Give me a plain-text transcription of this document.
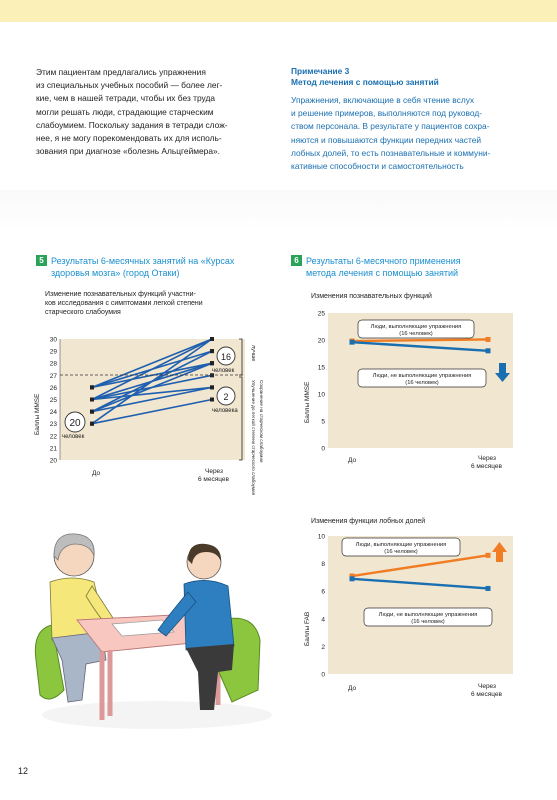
Этим пациентам предлагались упражнения
из специальных учебных пособий — более лег-
кие, чем в нашей тетради, чтобы их без труда
могли решать люди, страдающие старческим
слабоумием. Поскольку задания в тетради слож-
нее, я не могу порекомендовать их для исполь-
зования при диагнозе «болезнь Альцгеймера».
Примечание 3
Метод лечения с помощью занятий
Упражнения, включающие в себя чтение вслух
и решение примеров, выполняются под руковод-
ством персонала. В результате у пациентов сохра-
няются и повышаются функции передних частей
лобных долей, то есть познавательные и коммуни-
кативные способности и самостоятельность
5 Результаты 6-месячных занятий на «Курсах
здоровья мозга» (город Отаки)
Изменение познавательных функций участни-
ков исследования с симптомами легкой степени
старческого слабоумия
6 Результаты 6-месячного применения
метода лечения с помощью занятий
Изменения познавательных функций
Изменения функции лобных долей
20
21
22
23
24
25
26
27
28
29
30
Баллы MMSE
До	Через
6 месяцев
20
человек
16
человек
2
человека
лучше
Улучшение до легкой степени старческого слабоумия Сохранение на старческом слабоумии	0
5
10
15
20
25
Баллы MMSE
До	Через
6 месяцев
Люди, выполняющие упражнения
(16 человек)
Люди, не выполняющие упражнения
(16 человек)
0
2
4
6
8
10
Баллы FAB
До	Через
6 месяцев
Люди, выполняющие упражнения
(16 человек)
Люди, не выполняющие упражнения
(16 человек)
12
